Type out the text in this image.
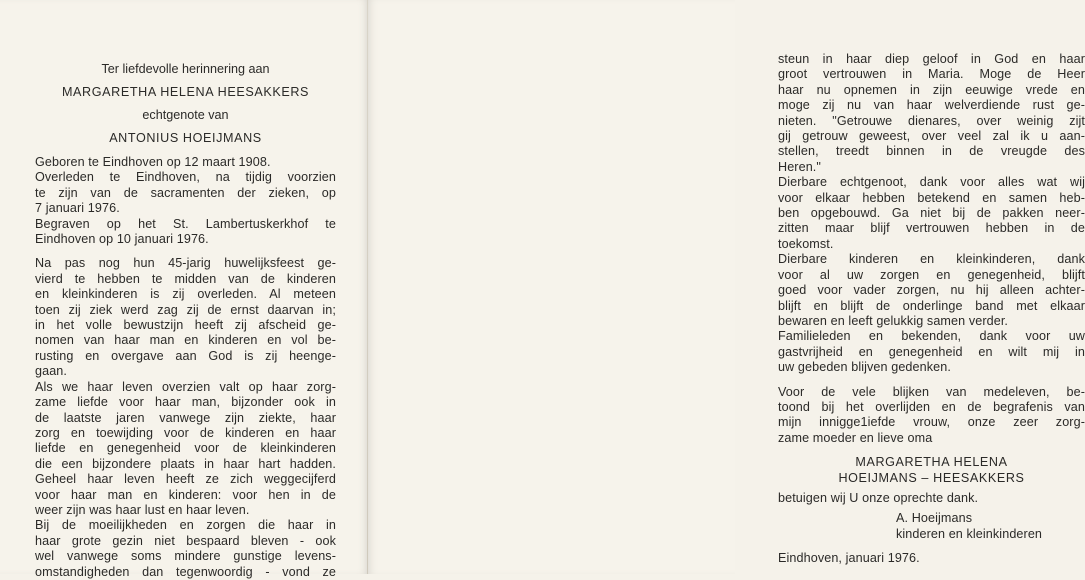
Ter liefdevolle herinnering aan
MARGARETHA HELENA HEESAKKERS
echtgenote van
ANTONIUS HOEIJMANS
Geboren te Eindhoven op 12 maart 1908.
Overleden te Eindhoven, na tijdig voorzien
te zijn van de sacramenten der zieken, op
7 januari 1976.
Begraven op het St. Lambertuskerkhof te
Eindhoven op 10 januari 1976.
Na pas nog hun 45-jarig huwelijksfeest ge-
vierd te hebben te midden van de kinderen
en kleinkinderen is zij overleden. Al meteen
toen zij ziek werd zag zij de ernst daarvan in;
in het volle bewustzijn heeft zij afscheid ge-
nomen van haar man en kinderen en vol be-
rusting en overgave aan God is zij heenge-
gaan.
Als we haar leven overzien valt op haar zorg-
zame liefde voor haar man, bijzonder ook in
de laatste jaren vanwege zijn ziekte, haar
zorg en toewijding voor de kinderen en haar
liefde en genegenheid voor de kleinkinderen
die een bijzondere plaats in haar hart hadden.
Geheel haar leven heeft ze zich weggecijferd
voor haar man en kinderen: voor hen in de
weer zijn was haar lust en haar leven.
Bij de moeilijkheden en zorgen die haar in
haar grote gezin niet bespaard bleven - ook
wel vanwege soms mindere gunstige levens-
omstandigheden dan tegenwoordig - vond ze
steun in haar diep geloof in God en haar
groot vertrouwen in Maria. Moge de Heer
haar nu opnemen in zijn eeuwige vrede en
moge zij nu van haar welverdiende rust ge-
nieten. "Getrouwe dienares, over weinig zijt
gij getrouw geweest, over veel zal ik u aan-
stellen, treedt binnen in de vreugde des
Heren."
Dierbare echtgenoot, dank voor alles wat wij
voor elkaar hebben betekend en samen heb-
ben opgebouwd. Ga niet bij de pakken neer-
zitten maar blijf vertrouwen hebben in de
toekomst.
Dierbare kinderen en kleinkinderen, dank
voor al uw zorgen en genegenheid, blijft
goed voor vader zorgen, nu hij alleen achter-
blijft en blijft de onderlinge band met elkaar
bewaren en leeft gelukkig samen verder.
Familieleden en bekenden, dank voor uw
gastvrijheid en genegenheid en wilt mij in
uw gebeden blijven gedenken.
Voor de vele blijken van medeleven, be-
toond bij het overlijden en de begrafenis van
mijn innigge1iefde vrouw, onze zeer zorg-
zame moeder en lieve oma
MARGARETHA HELENA
HOEIJMANS – HEESAKKERS
betuigen wij U onze oprechte dank.
A. Hoeijmans
kinderen en kleinkinderen
Eindhoven, januari 1976.
